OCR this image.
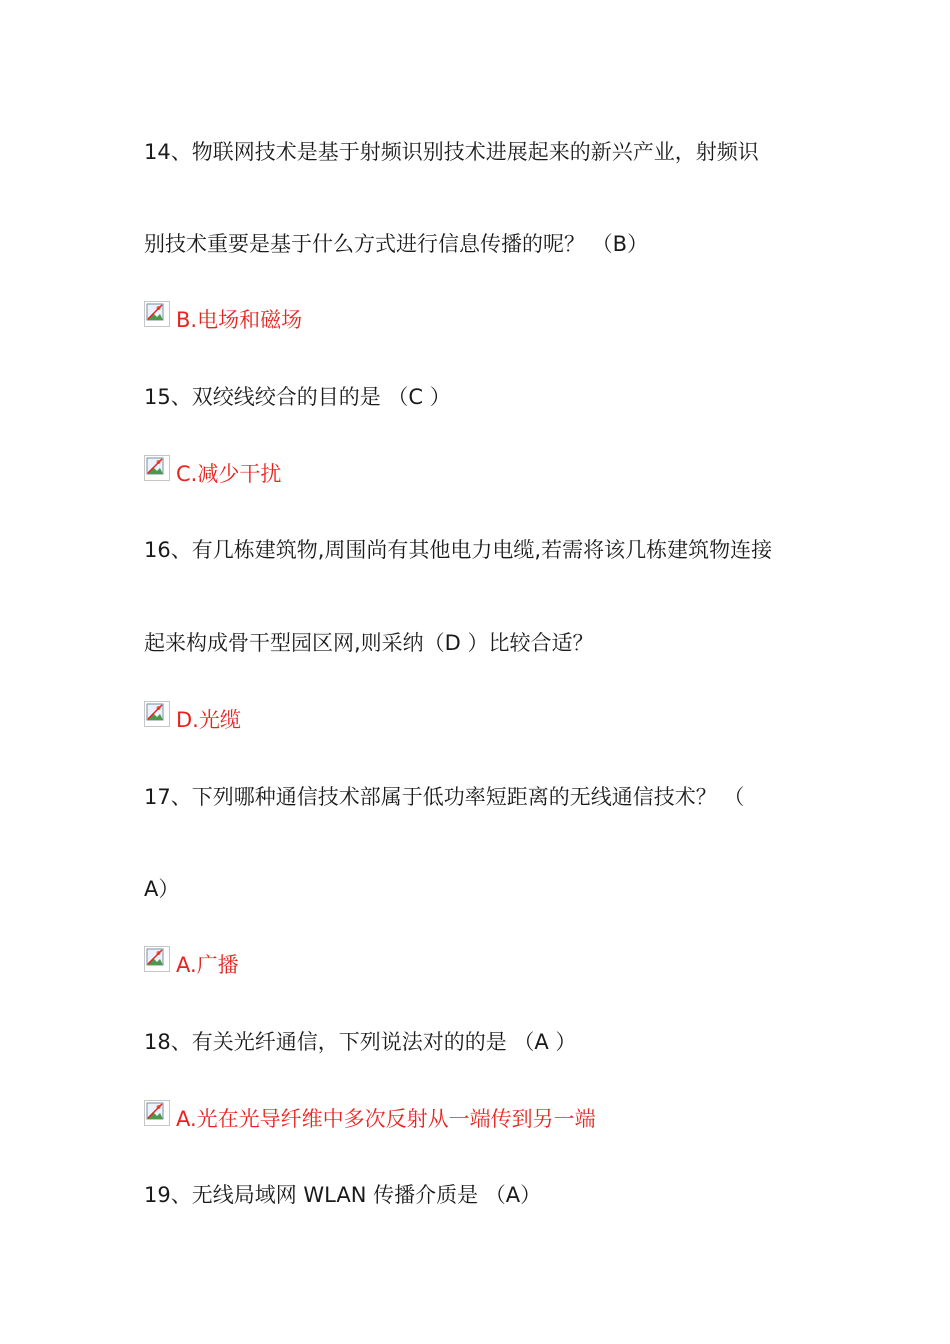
14、物联网技术是基于射频识别技术进展起来的新兴产业，射频识
别技术重要是基于什么方式进行信息传播的呢？ （B）
B.电场和磁场
15、双绞线绞合的目的是 （C ）
C.减少干扰
16、有几栋建筑物,周围尚有其他电力电缆,若需将该几栋建筑物连接
起来构成骨干型园区网,则采纳（D ）比较合适？
D.光缆
17、下列哪种通信技术部属于低功率短距离的无线通信技术？ （
A）
A.广播
18、有关光纤通信，下列说法对的的是 （A ）
A.光在光导纤维中多次反射从一端传到另一端
19、无线局域网 WLAN 传播介质是 （A）
